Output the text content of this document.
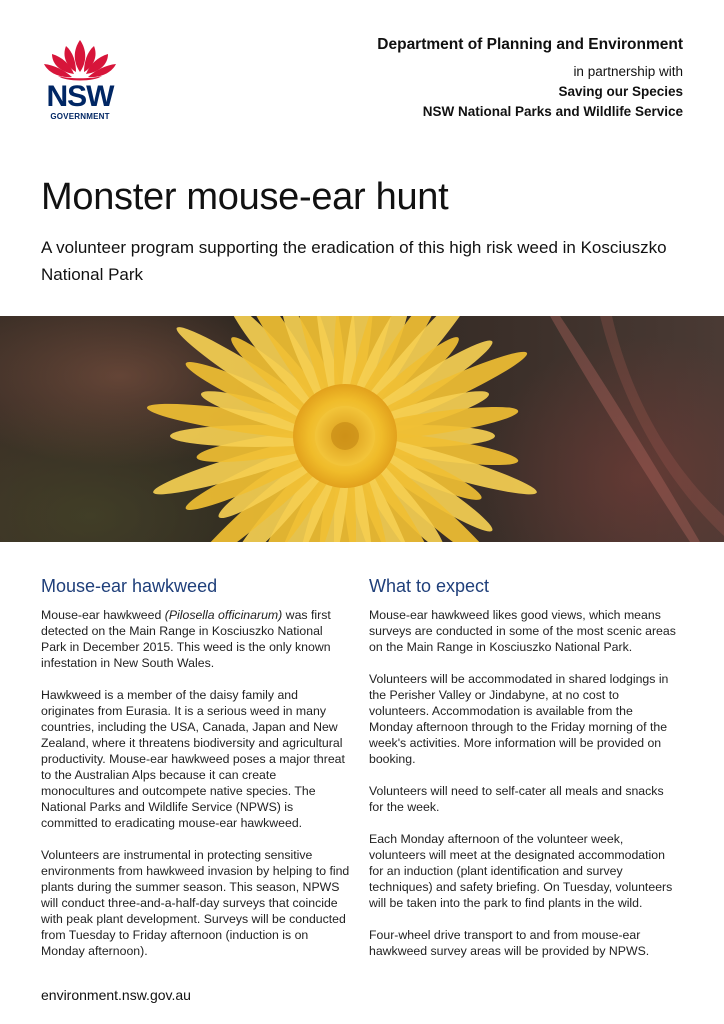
NSW
GOVERNMENT
Department of Planning and Environment
in partnership with
Saving our Species
NSW National Parks and Wildlife Service
Monster mouse-ear hunt

A volunteer program supporting the eradication of this high risk weed in Kosciuszko National Park

Mouse-ear hawkweed

Mouse-ear hawkweed (Pilosella officinarum) was first detected on the Main Range in Kosciuszko National Park in December 2015. This weed is the only known infestation in New South Wales.

Hawkweed is a member of the daisy family and originates from Eurasia. It is a serious weed in many countries, including the USA, Canada, Japan and New Zealand, where it threatens biodiversity and agricultural productivity. Mouse-ear hawkweed poses a major threat to the Australian Alps because it can create monocultures and outcompete native species. The National Parks and Wildlife Service (NPWS) is committed to eradicating mouse-ear hawkweed.

Volunteers are instrumental in protecting sensitive environments from hawkweed invasion by helping to find plants during the summer season. This season, NPWS will conduct three-and-a-half-day surveys that coincide with peak plant development. Surveys will be conducted from Tuesday to Friday afternoon (induction is on Monday afternoon).

What to expect

Mouse-ear hawkweed likes good views, which means surveys are conducted in some of the most scenic areas on the Main Range in Kosciuszko National Park.

Volunteers will be accommodated in shared lodgings in the Perisher Valley or Jindabyne, at no cost to volunteers. Accommodation is available from the Monday afternoon through to the Friday morning of the week's activities. More information will be provided on booking.

Volunteers will need to self-cater all meals and snacks for the week.

Each Monday afternoon of the volunteer week, volunteers will meet at the designated accommodation for an induction (plant identification and survey techniques) and safety briefing. On Tuesday, volunteers will be taken into the park to find plants in the wild.

Four-wheel drive transport to and from mouse-ear hawkweed survey areas will be provided by NPWS.

environment.nsw.gov.au
